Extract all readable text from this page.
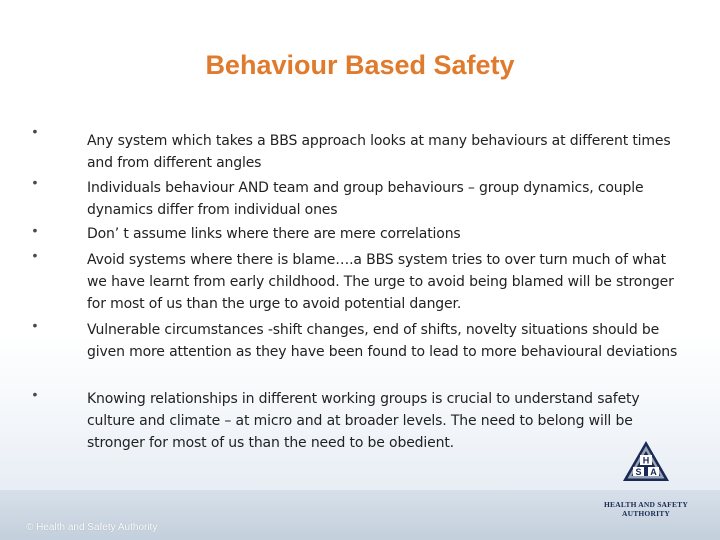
Behaviour Based Safety
•
Any system which takes a BBS approach looks at many behaviours at different times and from different angles
•	Individuals behaviour AND team and group behaviours – group dynamics, couple dynamics differ from individual ones
•	Don’ t assume links where there are mere correlations
•	Avoid systems where there is blame….a BBS system tries to over turn much of what we have learnt from early childhood. The urge to avoid being blamed will be stronger for most of us than the urge to avoid potential danger.
•	Vulnerable circumstances -shift changes, end of shifts, novelty situations should be given more attention as they have been found to lead to more behavioural deviations
•	Knowing relationships in different working groups is crucial to understand safety culture and climate – at micro and at broader levels. The need to belong will be stronger for most of us than the need to be obedient.
© Health and Safety Authority
H
S A
HEALTH AND SAFETY
AUTHORITY
